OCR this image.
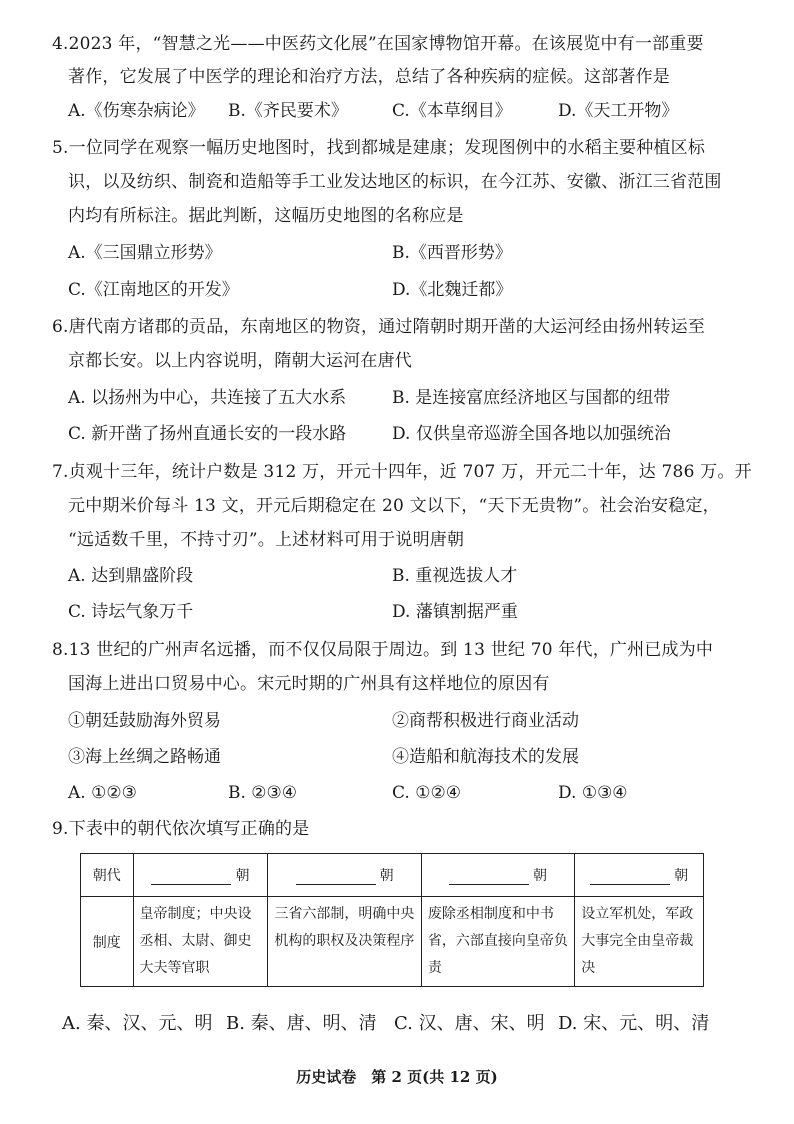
4.2023 年，“智慧之光——中医药文化展”在国家博物馆开幕。在该展览中有一部重要
著作，它发展了中医学的理论和治疗方法，总结了各种疾病的症候。这部著作是
A.《伤寒杂病论》 B.《齐民要术》	C.《本草纲目》	D.《天工开物》
5.一位同学在观察一幅历史地图时，找到都城是建康；发现图例中的水稻主要种植区标
识，以及纺织、制瓷和造船等手工业发达地区的标识，在今江苏、安徽、浙江三省范围
内均有所标注。据此判断，这幅历史地图的名称应是
A.《三国鼎立形势》	B.《西晋形势》
C.《江南地区的开发》	D.《北魏迁都》
6.唐代南方诸郡的贡品，东南地区的物资，通过隋朝时期开凿的大运河经由扬州转运至
京都长安。以上内容说明，隋朝大运河在唐代
A. 以扬州为中心，共连接了五大水系	B. 是连接富庶经济地区与国都的纽带
C. 新开凿了扬州直通长安的一段水路	D. 仅供皇帝巡游全国各地以加强统治
7.贞观十三年，统计户数是 312 万，开元十四年，近 707 万，开元二十年，达 786 万。开
元中期米价每斗 13 文，开元后期稳定在 20 文以下，“天下无贵物”。社会治安稳定，
“远适数千里，不持寸刃”。上述材料可用于说明唐朝
A. 达到鼎盛阶段	B. 重视选拔人才
C. 诗坛气象万千	D. 藩镇割据严重
8.13 世纪的广州声名远播，而不仅仅局限于周边。到 13 世纪 70 年代，广州已成为中
国海上进出口贸易中心。宋元时期的广州具有这样地位的原因有
①朝廷鼓励海外贸易	②商帮积极进行商业活动
③海上丝绸之路畅通	④造船和航海技术的发展
A. ①②③	B. ②③④	C. ①②④	D. ①③④
9.下表中的朝代依次填写正确的是
朝代	朝	朝	朝	朝
制度	皇帝制度；中央设丞相、太尉、御史大夫等官职	三省六部制，明确中央机构的职权及决策程序	废除丞相制度和中书省，六部直接向皇帝负责	设立军机处，军政大事完全由皇帝裁决
A. 秦、汉、元、明 B. 秦、唐、明、清 C. 汉、唐、宋、明 D. 宋、元、明、清
历史试卷　第 2 页(共 12 页)
